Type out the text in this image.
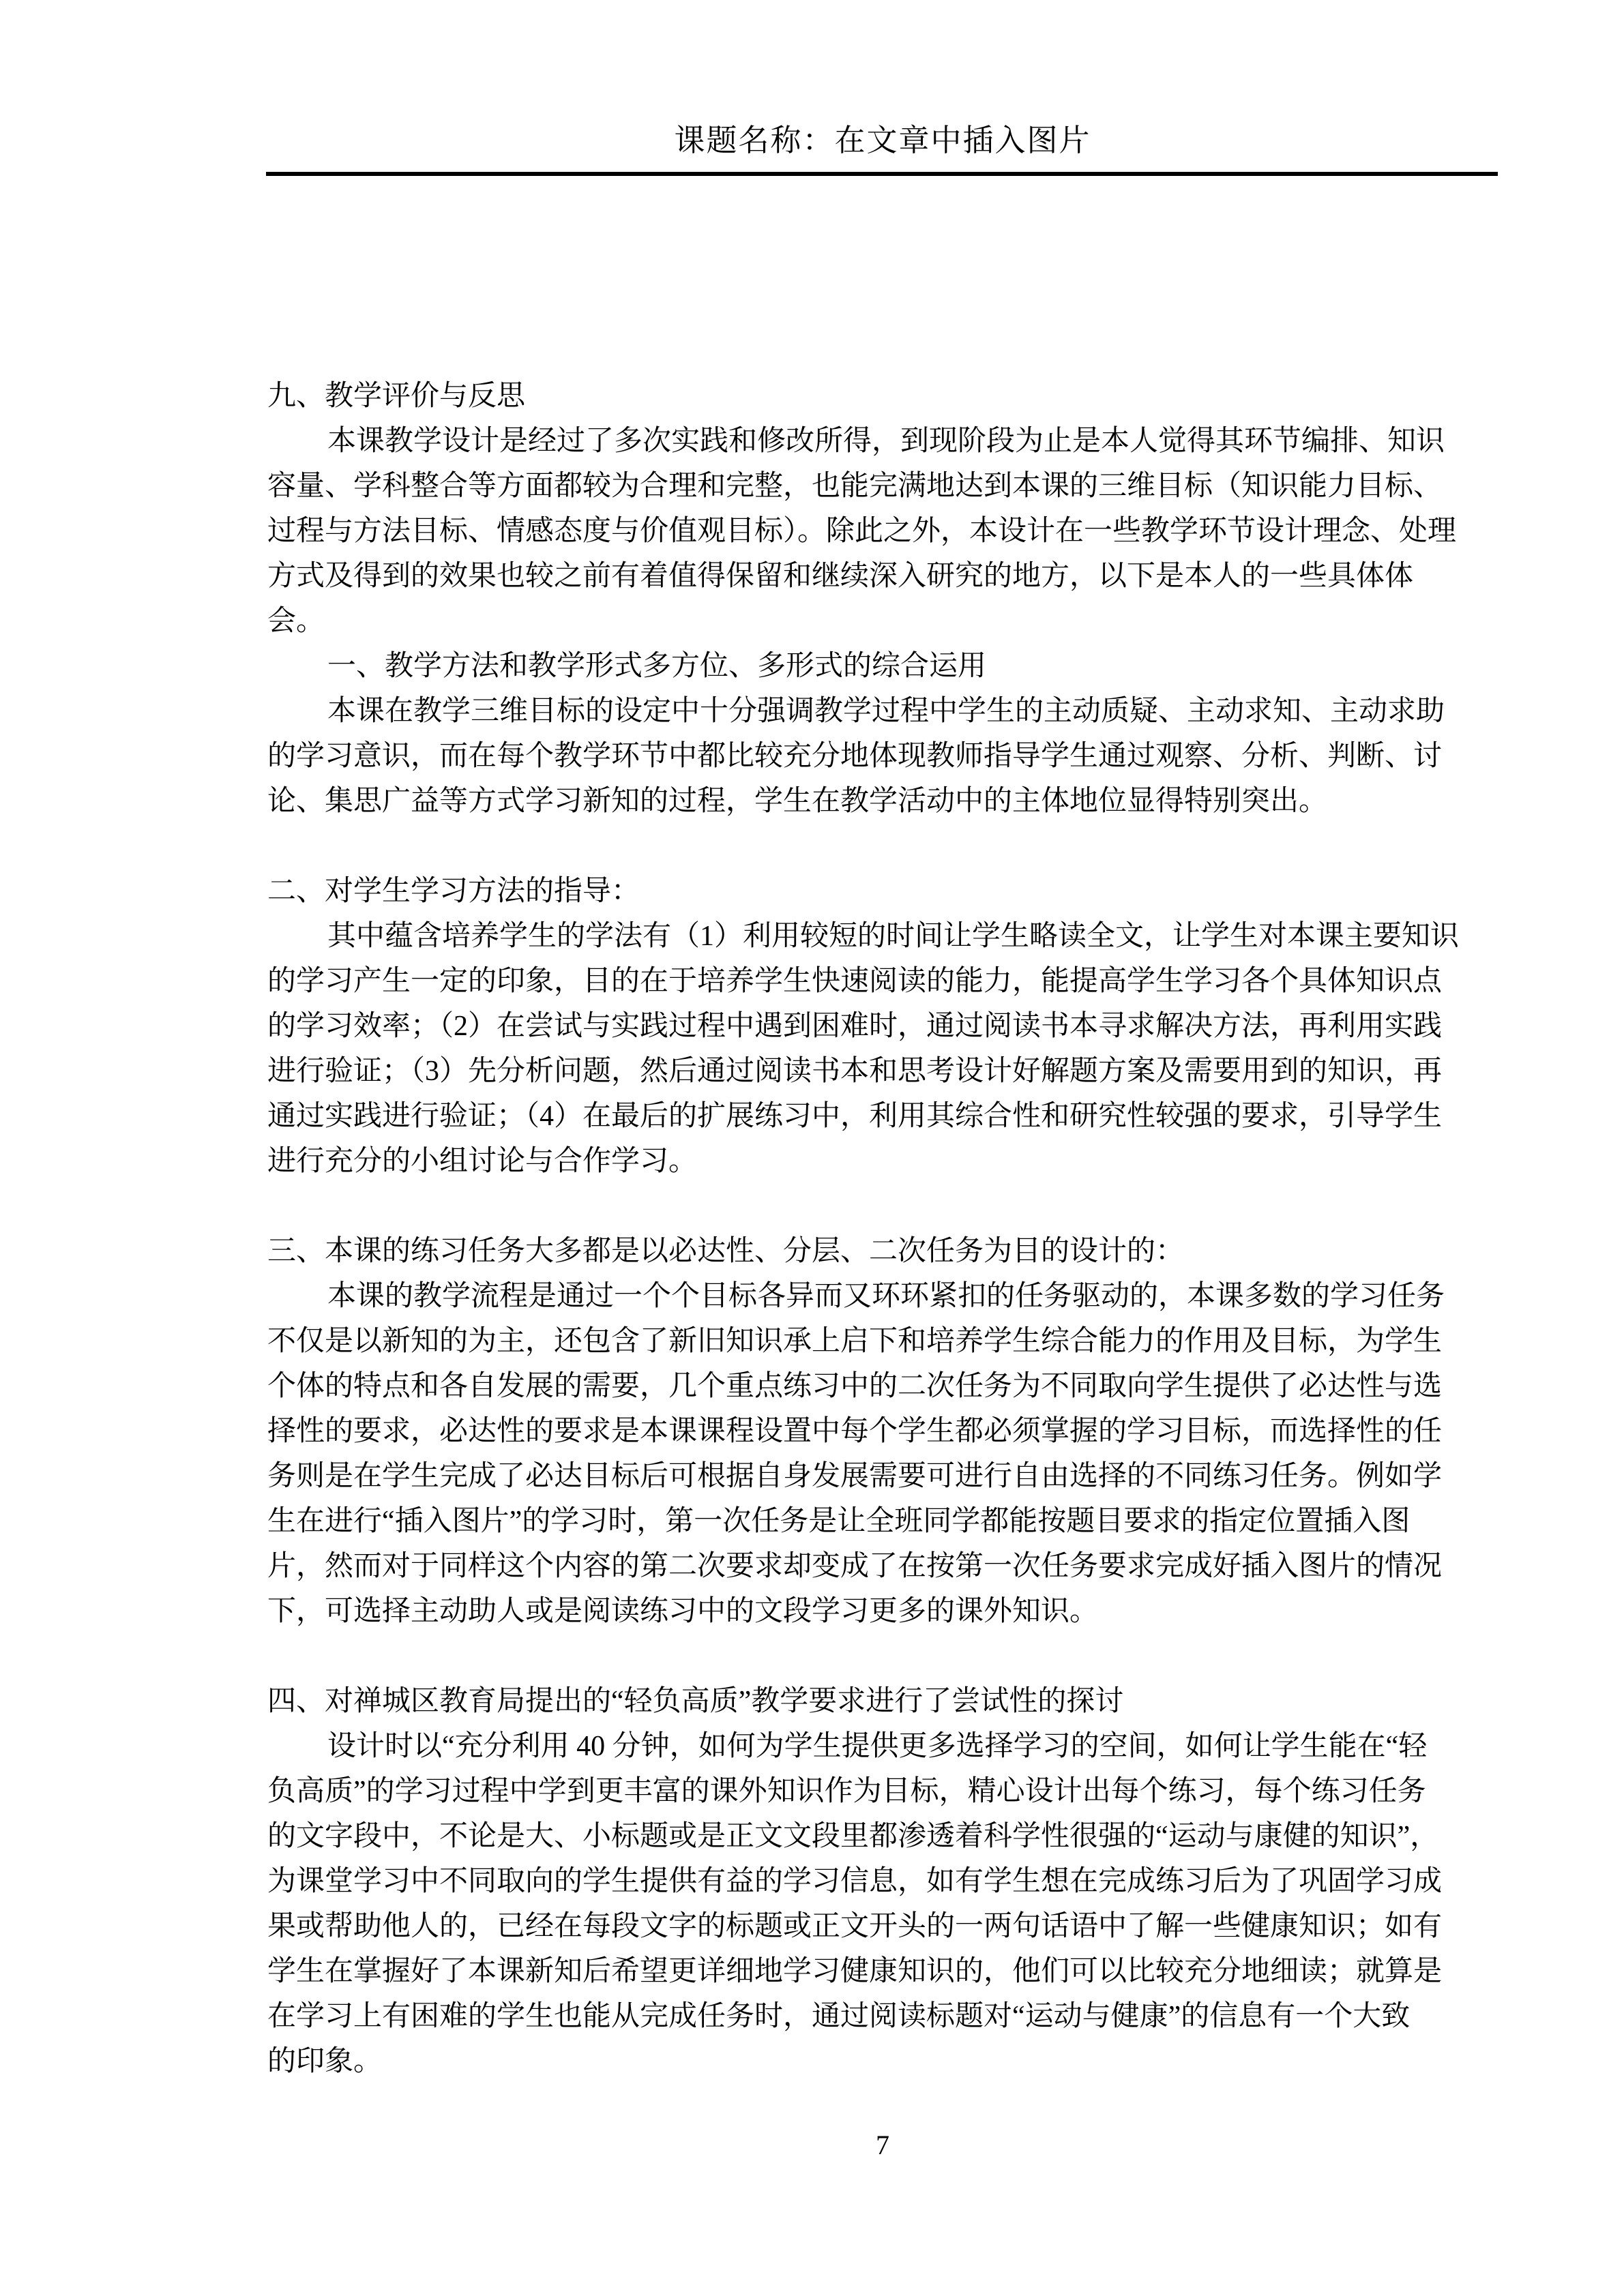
课题名称：在文章中插入图片
九、教学评价与反思
本课教学设计是经过了多次实践和修改所得，到现阶段为止是本人觉得其环节编排、知识
容量、学科整合等方面都较为合理和完整，也能完满地达到本课的三维目标（知识能力目标、
过程与方法目标、情感态度与价值观目标）。除此之外，本设计在一些教学环节设计理念、处理
方式及得到的效果也较之前有着值得保留和继续深入研究的地方，以下是本人的一些具体体
会。
一、教学方法和教学形式多方位、多形式的综合运用
本课在教学三维目标的设定中十分强调教学过程中学生的主动质疑、主动求知、主动求助
的学习意识，而在每个教学环节中都比较充分地体现教师指导学生通过观察、分析、判断、讨
论、集思广益等方式学习新知的过程，学生在教学活动中的主体地位显得特别突出。
二、对学生学习方法的指导：
其中蕴含培养学生的学法有（1）利用较短的时间让学生略读全文，让学生对本课主要知识
的学习产生一定的印象，目的在于培养学生快速阅读的能力，能提高学生学习各个具体知识点
的学习效率；（2）在尝试与实践过程中遇到困难时，通过阅读书本寻求解决方法，再利用实践
进行验证；（3）先分析问题，然后通过阅读书本和思考设计好解题方案及需要用到的知识，再
通过实践进行验证；（4）在最后的扩展练习中，利用其综合性和研究性较强的要求，引导学生
进行充分的小组讨论与合作学习。
三、本课的练习任务大多都是以必达性、分层、二次任务为目的设计的：
本课的教学流程是通过一个个目标各异而又环环紧扣的任务驱动的，本课多数的学习任务
不仅是以新知的为主，还包含了新旧知识承上启下和培养学生综合能力的作用及目标，为学生
个体的特点和各自发展的需要，几个重点练习中的二次任务为不同取向学生提供了必达性与选
择性的要求，必达性的要求是本课课程设置中每个学生都必须掌握的学习目标，而选择性的任
务则是在学生完成了必达目标后可根据自身发展需要可进行自由选择的不同练习任务。例如学
生在进行“插入图片”的学习时，第一次任务是让全班同学都能按题目要求的指定位置插入图
片，然而对于同样这个内容的第二次要求却变成了在按第一次任务要求完成好插入图片的情况
下，可选择主动助人或是阅读练习中的文段学习更多的课外知识。
四、对禅城区教育局提出的“轻负高质”教学要求进行了尝试性的探讨
设计时以“充分利用 40 分钟，如何为学生提供更多选择学习的空间，如何让学生能在“轻
负高质”的学习过程中学到更丰富的课外知识作为目标，精心设计出每个练习，每个练习任务
的文字段中，不论是大、小标题或是正文文段里都渗透着科学性很强的“运动与康健的知识”，
为课堂学习中不同取向的学生提供有益的学习信息，如有学生想在完成练习后为了巩固学习成
果或帮助他人的，已经在每段文字的标题或正文开头的一两句话语中了解一些健康知识；如有
学生在掌握好了本课新知后希望更详细地学习健康知识的，他们可以比较充分地细读；就算是
在学习上有困难的学生也能从完成任务时，通过阅读标题对“运动与健康”的信息有一个大致
的印象。
7
